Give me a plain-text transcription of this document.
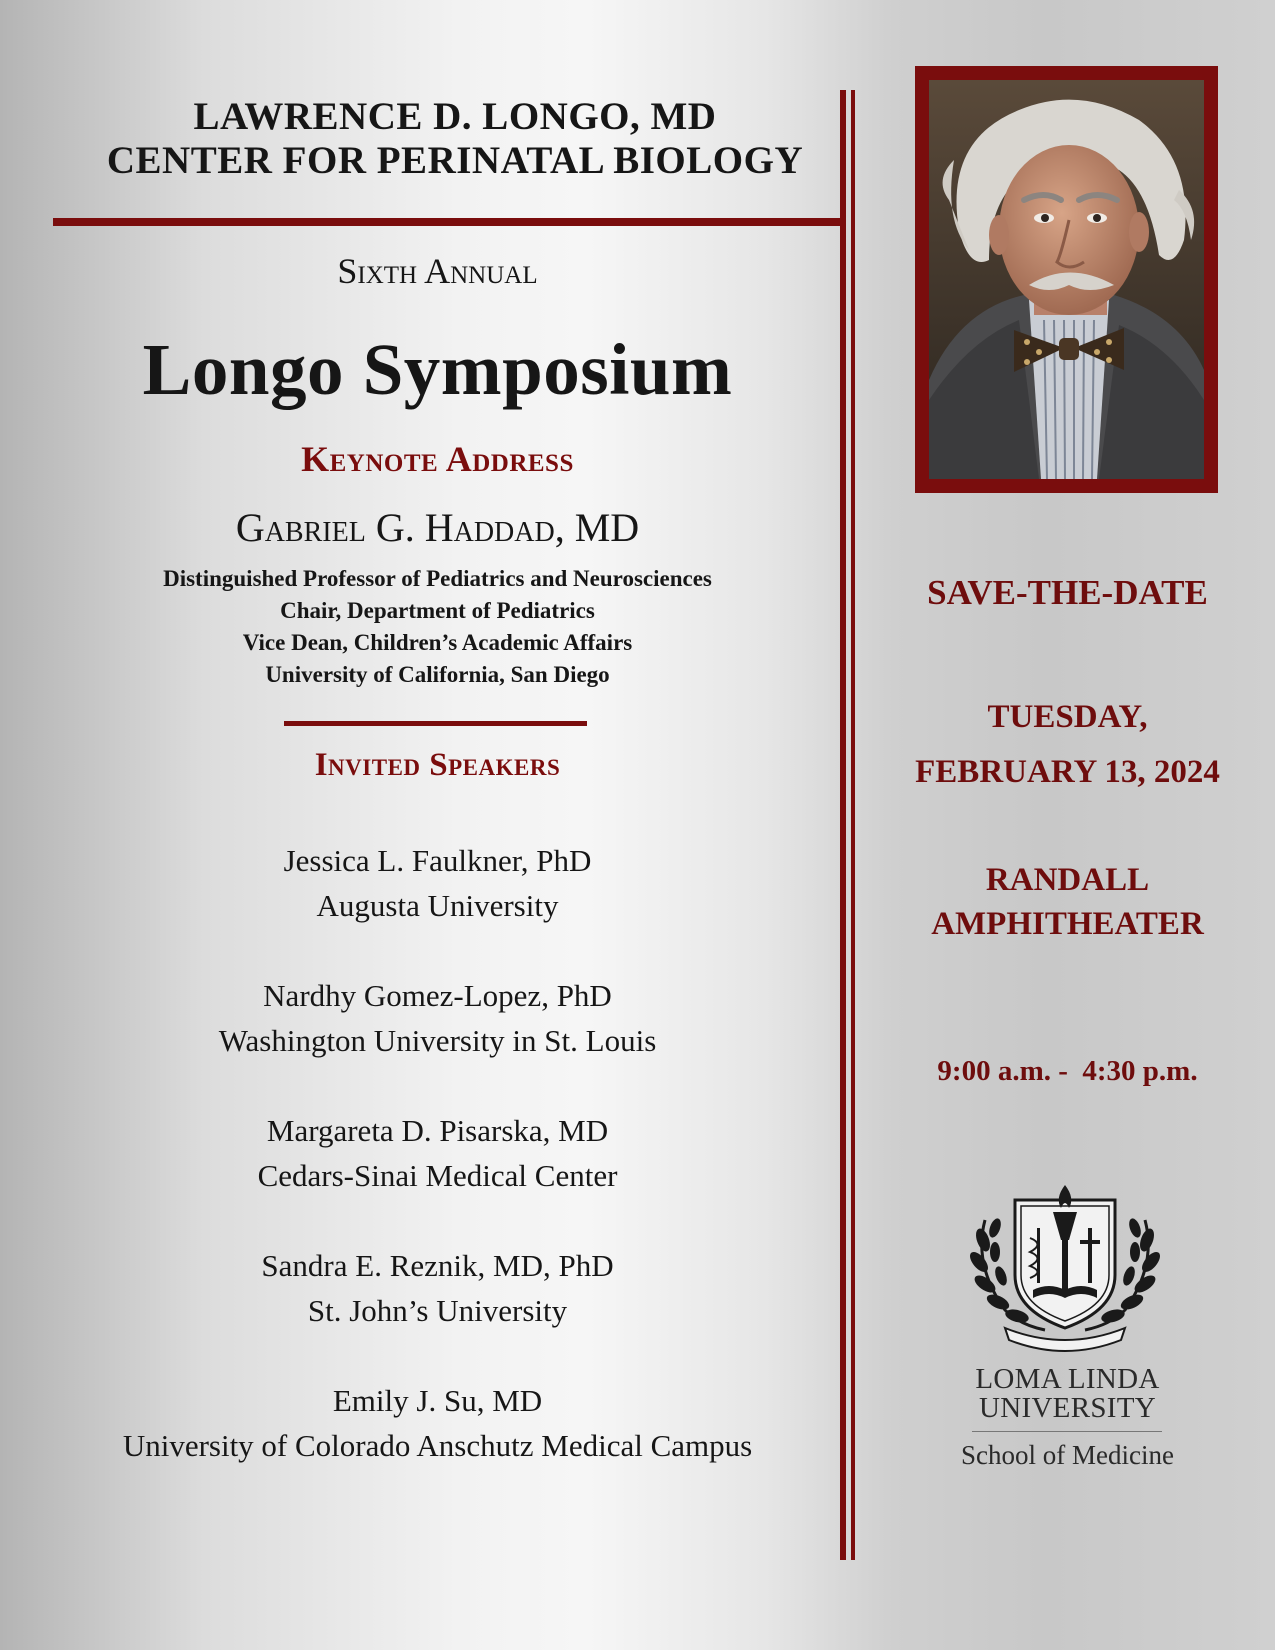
LAWRENCE D. LONGO, MD
CENTER FOR PERINATAL BIOLOGY
Sixth Annual
Longo Symposium
Keynote Address
Gabriel G. Haddad, MD
Distinguished Professor of Pediatrics and Neurosciences
Chair, Department of Pediatrics
Vice Dean, Children’s Academic Affairs
University of California, San Diego
Invited Speakers
Jessica L. Faulkner, PhD
Augusta University
Nardhy Gomez-Lopez, PhD
Washington University in St. Louis
Margareta D. Pisarska, MD
Cedars-Sinai Medical Center
Sandra E. Reznik, MD, PhD
St. John’s University
Emily J. Su, MD
University of Colorado Anschutz Medical Campus
SAVE-THE-DATE
TUESDAY,
FEBRUARY 13, 2024
RANDALL
AMPHITHEATER
9:00 a.m. -  4:30 p.m.
LOMA LINDA
UNIVERSITY
School of Medicine
